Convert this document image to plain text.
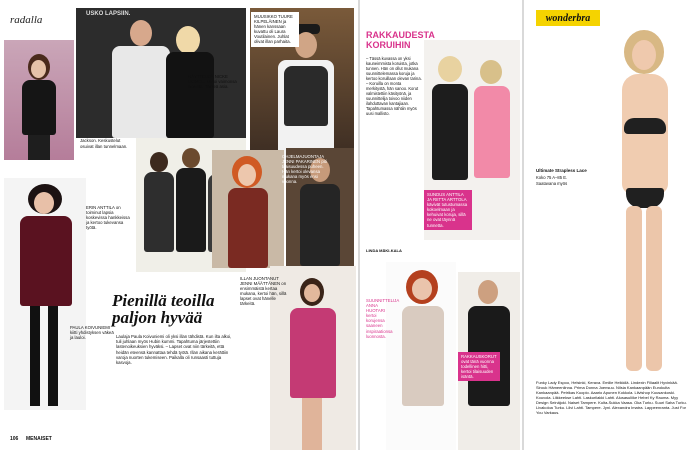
radalla
Jackson. Keskustelut osuivat illan tunnelmaan.
USKO LAPSIIN.
NÄYTTELIJÄ NICKE LIGNELL kertoi vaimonsa lapsista. Tärkeä asia.
MUUSIKKO TUURE KILPELÄINEN ja hänen kanssaan kuvattu oli Laura Voutilainen. Juhlat olivat illan parhaita.
ERIN ANTTILA on toiminut lapsia koskevissa hankkeissa ja kertoo tukevansa työtä.
OHJELMAJUONTAJA JENNI PAKARINEN piti tilaisuudessa puheen. Hän kertoi olevansa mukana myös ensi vuonna.
PAULA KOIVUNIEMI kiitti yhdistyksen väkeä ja lauloi.
Pienillä teoilla paljon hyvää
Laulaja Paula Koivuniemi oli yksi illan tähdistä. Kun ilta alkoi, tuli juhlaan myös Hubin kummi. Tapahtuma järjestettiin lastenoikeuksien hyväksi. – Lapset ovat niin tärkeitä, että heidän eteensä kannattaa tehdä työtä. Illan aikana kerättiin varoja nuorten tukemiseen. Paikalla oli runsaasti tuttuja kasvoja.
ILLAN JUONTANUT JENNI MÄÄTTÄNEN on ensimmäistä kertaa mukana, kertoi hän, sillä lapset ovat hänelle tärkeitä.
106 MENAISET
RAKKAUDESTA KORUIHIN
– Tässä kuvassa on yksi kauneimmista koruista, jotka tunnen. Hän on ollut mukana suunnittelemassa koruja ja kertoo koruillaan olevan tarina. – Koruilla on monta merkitystä, hän sanoo. Korut valmistettiin käsityönä, ja suunnittelija toivoo niiden ilahduttavan kantajiaan. Tapahtumassa nähtiin myös uusi mallisto.
LINDA MÄKI-KALA
SUNDUS ANTTILA JA RIITTA ARTTOLA kävivät tutustumassa kokoelmaan ja kehuivat koruja, sillä ne ovat täynnä tunnetta.
SUUNNITTELIJA ANNA HUOTARI kertoi korujensa saaneen inspiraationsa luonnosta.
RAKKAUSKORUT ovat tänä vuonna todellinen hitti, kertoi tilaisuuden isäntä.
wonderbra
Ultimate Strapless Lace
Koko 75 A–85 E.
Saatavana myös
Funky Lady Espoo, Helsinki, Kerava. Emilie Heikkilä. Lindexin Filiaalit Hyvinkää. Sirouk Hämeenlinna. Prima Donna Joensuu. Nilsia Kankaanpään Eurokulta Kankaanpää. Petrikas Kuopio. Aaario Apunen Kokkola. Lilvishop Kuusankoski. Kouvola. Liikkeekse Lahti. Laskurilakki Lahti. Alusasuliike Hebel Ky Rauma. Myy Design Seinäjoki. Naiset Tampere. Kulta-Sukka Vaasa. Oka Turku. Suuri Saha Turku. Livakoloa Turku. Lilvi Lahti. Tampere. Jyni. Alexandra Imatra. Lappeenranta. Just For You Varkaus.
